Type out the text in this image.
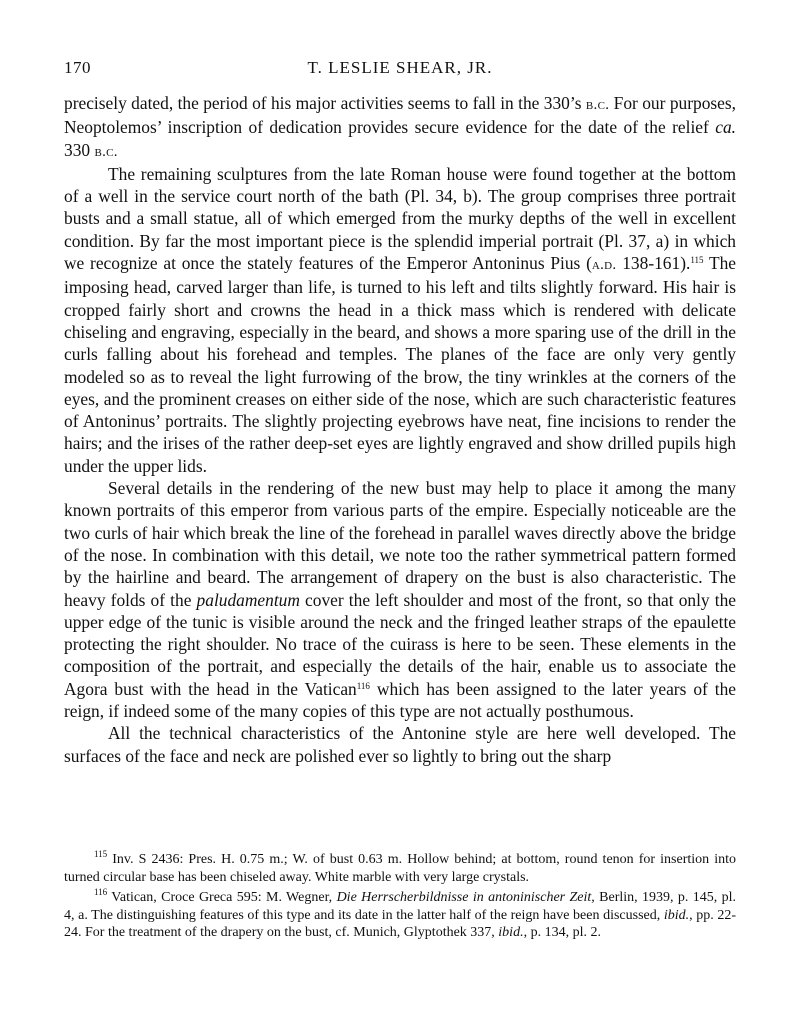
170	T. LESLIE SHEAR, JR.

precisely dated, the period of his major activities seems to fall in the 330’s b.c. For our purposes, Neoptolemos’ inscription of dedication provides secure evidence for the date of the relief ca. 330 b.c.

The remaining sculptures from the late Roman house were found together at the bottom of a well in the service court north of the bath (Pl. 34, b). The group comprises three portrait busts and a small statue, all of which emerged from the murky depths of the well in excellent condition. By far the most important piece is the splendid imperial portrait (Pl. 37, a) in which we recognize at once the stately features of the Emperor Antoninus Pius (a.d. 138-161).$^{115}$ The imposing head, carved larger than life, is turned to his left and tilts slightly forward. His hair is cropped fairly short and crowns the head in a thick mass which is rendered with delicate chiseling and engraving, especially in the beard, and shows a more sparing use of the drill in the curls falling about his forehead and temples. The planes of the face are only very gently modeled so as to reveal the light furrowing of the brow, the tiny wrinkles at the corners of the eyes, and the prominent creases on either side of the nose, which are such characteristic features of Antoninus’ portraits. The slightly projecting eyebrows have neat, fine incisions to render the hairs; and the irises of the rather deep-set eyes are lightly engraved and show drilled pupils high under the upper lids.

Several details in the rendering of the new bust may help to place it among the many known portraits of this emperor from various parts of the empire. Especially noticeable are the two curls of hair which break the line of the forehead in parallel waves directly above the bridge of the nose. In combination with this detail, we note too the rather symmetrical pattern formed by the hairline and beard. The arrangement of drapery on the bust is also characteristic. The heavy folds of the paludamentum cover the left shoulder and most of the front, so that only the upper edge of the tunic is visible around the neck and the fringed leather straps of the epaulette protecting the right shoulder. No trace of the cuirass is here to be seen. These elements in the composition of the portrait, and especially the details of the hair, enable us to associate the Agora bust with the head in the Vatican$^{116}$ which has been assigned to the later years of the reign, if indeed some of the many copies of this type are not actually posthumous.

All the technical characteristics of the Antonine style are here well developed. The surfaces of the face and neck are polished ever so lightly to bring out the sharp

$^{115}$ Inv. S 2436: Pres. H. 0.75 m.; W. of bust 0.63 m. Hollow behind; at bottom, round tenon for insertion into turned circular base has been chiseled away. White marble with very large crystals.

$^{116}$ Vatican, Croce Greca 595: M. Wegner, Die Herrscherbildnisse in antoninischer Zeit, Berlin, 1939, p. 145, pl. 4, a. The distinguishing features of this type and its date in the latter half of the reign have been discussed, ibid., pp. 22-24. For the treatment of the drapery on the bust, cf. Munich, Glyptothek 337, ibid., p. 134, pl. 2.
